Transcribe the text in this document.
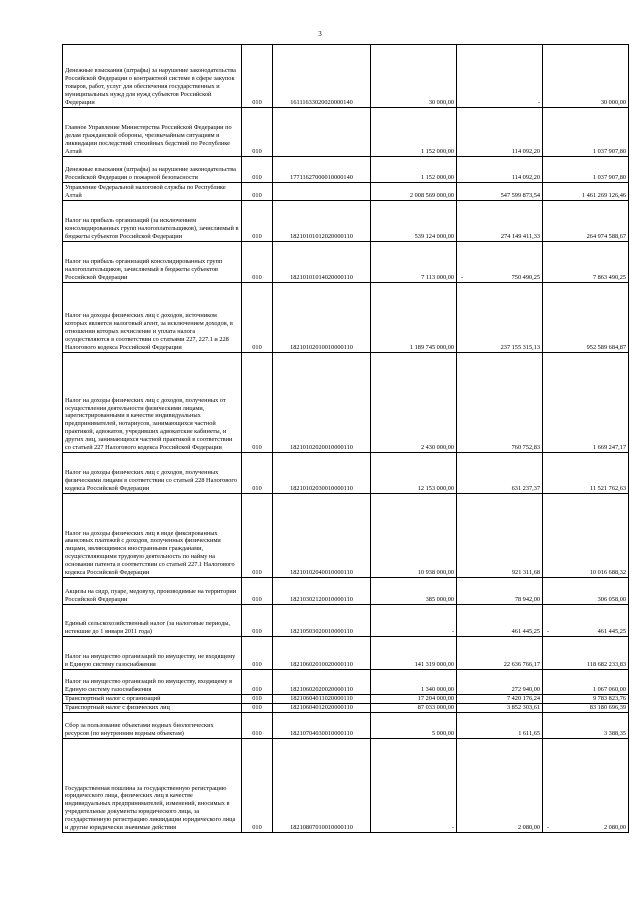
3
Денежные взыскания (штрафы) за нарушение законодательства Российской Федерации о контрактной системе в сфере закупок товаров, работ, услуг для обеспечения государственных и муниципальных нужд для нужд субъектов Российской Федерации	010	16111633020020000140	30 000,00	-	30 000,00
Главное Управление Министерства Российской Федерации по делам гражданской обороны, чрезвычайным ситуациям и ликвидации последствий стихийных бедствий по Республике Алтай	010		1 152 000,00	114 092,20	1 037 907,80
Денежные взыскания (штрафы) за нарушение законодательства Российской Федерации о пожарной безопасности	010	17711627000010000140	1 152 000,00	114 092,20	1 037 907,80
Управление Федеральной налоговой службы по Республике Алтай	010		2 008 569 000,00	547 599 873,54	1 461 269 126,46
Налог на прибыль организаций (за исключением консолидированных групп налогоплательщиков), зачисляемый в бюджеты субъектов Российской Федерации	010	18210101012020000110	539 124 000,00	274 149 411,33	264 974 588,67
Налог на прибыль организаций консолидированных групп налогоплательщиков, зачисляемый в бюджеты субъектов Российской Федерации	010	18210101014020000110	7 113 000,00	- 750 490,25	7 863 490,25
Налог на доходы физических лиц с доходов, источником которых является налоговый агент, за исключением доходов, в отношении которых исчисление и уплата налога осуществляются в соответствии со статьями 227, 227.1 и 228 Налогового кодекса Российской Федерации	010	18210102010010000110	1 189 745 000,00	237 155 315,13	952 589 684,87
Налог на доходы физических лиц с доходов, полученных от осуществления деятельности физическими лицами, зарегистрированными в качестве индивидуальных предпринимателей, нотариусов, занимающихся частной практикой, адвокатов, учредивших адвокатские кабинеты, и других лиц, занимающихся частной практикой в соответствии со статьей 227 Налогового кодекса Российской Федерации	010	18210102020010000110	2 430 000,00	760 752,83	1 669 247,17
Налог на доходы физических лиц с доходов, полученных физическими лицами в соответствии со статьей 228 Налогового кодекса Российской Федерации	010	18210102030010000110	12 153 000,00	631 237,37	11 521 762,63
Налог на доходы физических лиц в виде фиксированных авансовых платежей с доходов, полученных физическими лицами, являющимися иностранными гражданами, осуществляющими трудовую деятельность по найму на основании патента в соответствии со статьей 227.1 Налогового кодекса Российской Федерации	010	18210102040010000110	10 938 000,00	921 311,68	10 016 688,32
Акцизы на сидр, пуаре, медовуху, производимые на территории Российской Федерации	010	18210302120010000110	385 000,00	78 942,00	306 058,00
Единый сельскохозяйственный налог (за налоговые периоды, истекшие до 1 января 2011 года)	010	18210503020010000110	-	461 445,25	- 461 445,25
Налог на имущество организаций по имуществу, не входящему в Единую систему газоснабжения	010	18210602010020000110	141 319 000,00	22 636 766,17	118 682 233,83
Налог на имущество организаций по имуществу, входящему в Единую систему газоснабжения	010	18210602020020000110	1 340 000,00	272 940,00	1 067 060,00
Транспортный налог с организаций	010	18210604011020000110	17 204 000,00	7 420 176,24	9 783 823,76
Транспортный налог с физических лиц	010	18210604012020000110	87 033 000,00	3 852 303,61	83 180 696,39
Сбор за пользование объектами водных биологических ресурсов (по внутренним водным объектам)	010	18210704030010000110	5 000,00	1 611,65	3 388,35
Государственная пошлина за государственную регистрацию юридического лица, физических лиц в качестве индивидуальных предпринимателей, изменений, вносимых в учредительные документы юридического лица, за государственную регистрацию ликвидации юридического лица и другие юридически значимые действия	010	18210807010010000110	-	2 080,00	- 2 080,00
